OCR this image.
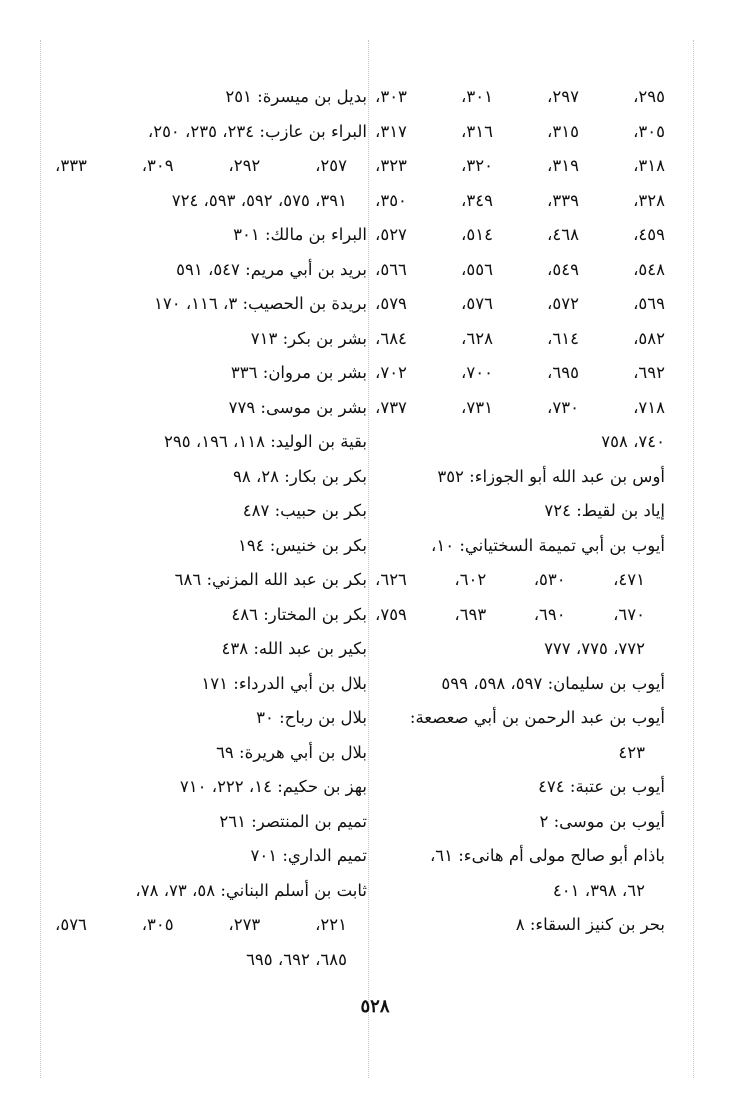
٢٩٥، ٢٩٧، ٣٠١، ٣٠٣،
٣٠٥، ٣١٥، ٣١٦، ٣١٧،
٣١٨، ٣١٩، ٣٢٠، ٣٢٣،
٣٢٨، ٣٣٩، ٣٤٩، ٣٥٠،
٤٥٩، ٤٦٨، ٥١٤، ٥٢٧،
٥٤٨، ٥٤٩، ٥٥٦، ٥٦٦،
٥٦٩، ٥٧٢، ٥٧٦، ٥٧٩،
٥٨٢، ٦١٤، ٦٢٨، ٦٨٤،
٦٩٢، ٦٩٥، ٧٠٠، ٧٠٢،
٧١٨، ٧٣٠، ٧٣١، ٧٣٧،
٧٤٠، ٧٥٨
أوس بن عبد الله أبو الجوزاء: ٣٥٢
إياد بن لقيط: ٧٢٤
أيوب بن أبي تميمة السختياني: ١٠،
٤٧١، ٥٣٠، ٦٠٢، ٦٢٦،
٦٧٠، ٦٩٠، ٦٩٣، ٧٥٩،
٧٧٢، ٧٧٥، ٧٧٧
أيوب بن سليمان: ٥٩٧، ٥٩٨، ٥٩٩
أيوب بن عبد الرحمن بن أبي صعصعة:
٤٢٣
أيوب بن عتبة: ٤٧٤
أيوب بن موسى: ٢
باذام أبو صالح مولى أم هانىء: ٦١،
٦٢، ٣٩٨، ٤٠١
بحر بن كنيز السقاء: ٨
بديل بن ميسرة: ٢٥١
البراء بن عازب: ٢٣٤، ٢٣٥، ٢٥٠،
٢٥٧، ٢٩٢، ٣٠٩، ٣٣٣،
٣٩١، ٥٧٥، ٥٩٢، ٥٩٣، ٧٢٤
البراء بن مالك: ٣٠١
بريد بن أبي مريم: ٥٤٧، ٥٩١
بريدة بن الحصيب: ٣، ١١٦، ١٧٠
بشر بن بكر: ٧١٣
بشر بن مروان: ٣٣٦
بشر بن موسى: ٧٧٩
بقية بن الوليد: ١١٨، ١٩٦، ٢٩٥
بكر بن بكار: ٢٨، ٩٨
بكر بن حبيب: ٤٨٧
بكر بن خنيس: ١٩٤
بكر بن عبد الله المزني: ٦٨٦
بكر بن المختار: ٤٨٦
بكير بن عبد الله: ٤٣٨
بلال بن أبي الدرداء: ١٧١
بلال بن رباح: ٣٠
بلال بن أبي هريرة: ٦٩
بهز بن حكيم: ١٤، ٢٢٢، ٧١٠
تميم بن المنتصر: ٢٦١
تميم الداري: ٧٠١
ثابت بن أسلم البناني: ٥٨، ٧٣، ٧٨،
٢٢١، ٢٧٣، ٣٠٥، ٥٧٦،
٦٨٥، ٦٩٢، ٦٩٥
٥٢٨
